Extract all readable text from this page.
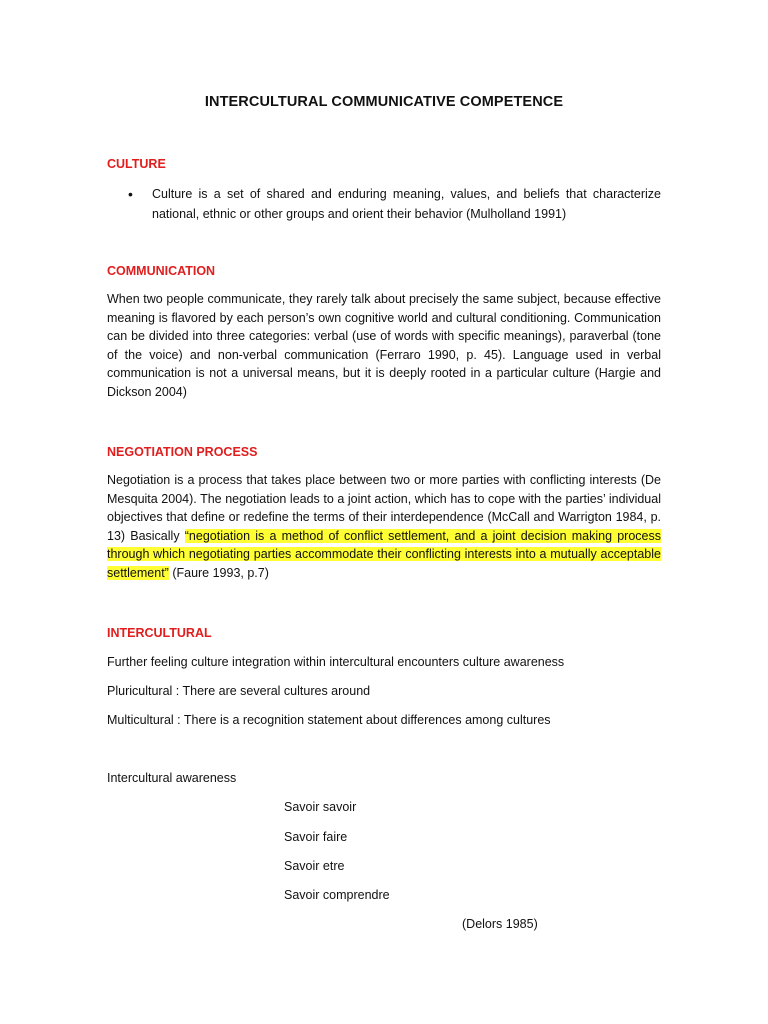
INTERCULTURAL COMMUNICATIVE COMPETENCE
CULTURE
• Culture is a set of shared and enduring meaning, values, and beliefs that characterize national, ethnic or other groups and orient their behavior (Mulholland 1991)
COMMUNICATION
When two people communicate, they rarely talk about precisely the same subject, because effective meaning is flavored by each person’s own cognitive world and cultural conditioning. Communication can be divided into three categories: verbal (use of words with specific meanings), paraverbal (tone of the voice) and non-verbal communication (Ferraro 1990, p. 45). Language used in verbal communication is not a universal means, but it is deeply rooted in a particular culture (Hargie and Dickson 2004)
NEGOTIATION PROCESS
Negotiation is a process that takes place between two or more parties with conflicting interests (De Mesquita 2004). The negotiation leads to a joint action, which has to cope with the parties’ individual objectives that define or redefine the terms of their interdependence (McCall and Warrigton 1984, p. 13) Basically “negotiation is a method of conflict settlement, and a joint decision making process through which negotiating parties accommodate their conflicting interests into a mutually acceptable settlement” (Faure 1993, p.7)
INTERCULTURAL
Further feeling culture integration within intercultural encounters culture awareness
Pluricultural : There are several cultures around
Multicultural : There is a recognition statement about differences among cultures
Intercultural awareness
Savoir savoir
Savoir faire
Savoir etre
Savoir comprendre
(Delors 1985)
